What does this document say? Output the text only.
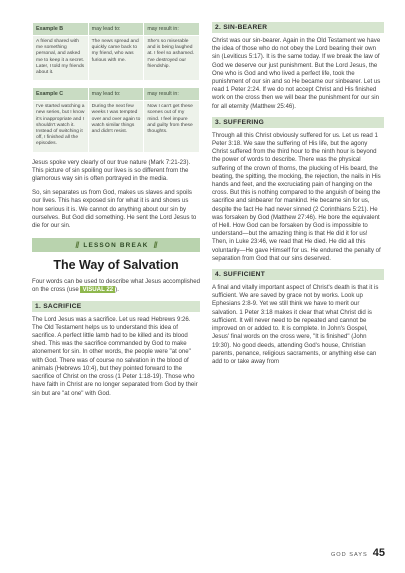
Example B	may lead to:	may result in:
A friend shared with me something personal, and asked me to keep it a secret. Later, I told my friends about it.	The news spread and quickly came back to my friend, who was furious with me.	She's so miserable and is being laughed at. I feel so ashamed. I've destroyed our friendship.
Example C	may lead to:	may result in:
I've started watching a new series, but I know it's inappropriate and I shouldn't watch it. Instead of switching it off, I finished all the episodes.	During the next few weeks I was tempted over and over again to watch similar things and didn't resist.	Now I can't get these scenes out of my mind. I feel impure and guilty from these thoughts.

Jesus spoke very clearly of our true nature (Mark 7:21-23). This picture of sin spoiling our lives is so different from the glamorous way sin is often portrayed in the media.

So, sin separates us from God, makes us slaves and spoils our lives. This has exposed sin for what it is and shows us how serious it is. We cannot do anything about our sin by ourselves. But God did something. He sent the Lord Jesus to die for our sin.

// LESSON BREAK //
The Way of Salvation

Four words can be used to describe what Jesus accomplished on the cross (use VISUAL 22 ).

1. SACRIFICE

The Lord Jesus was a sacrifice. Let us read Hebrews 9:26. The Old Testament helps us to understand this idea of sacrifice. A perfect little lamb had to be killed and its blood shed. This was the sacrifice commanded by God to make atonement for sin. In other words, the people were "at one" with God. There was of course no salvation in the blood of animals (Hebrews 10:4), but they pointed forward to the sacrifice of Christ on the cross (1 Peter 1:18-19). Those who have faith in Christ are no longer separated from God by their sin but are "at one" with God.

2. SIN-BEARER

Christ was our sin-bearer. Again in the Old Testament we have the idea of those who do not obey the Lord bearing their own sin (Leviticus 5:17). It is the same today. If we break the law of God we deserve our just punishment. But the Lord Jesus, the One who is God and who lived a perfect life, took the punishment of our sin and so He became our sinbearer. Let us read 1 Peter 2:24. If we do not accept Christ and His finished work on the cross then we will bear the punishment for our sin for all eternity (Matthew 25:46).

3. SUFFERING

Through all this Christ obviously suffered for us. Let us read 1 Peter 3:18. We saw the suffering of His life, but the agony Christ suffered from the third hour to the ninth hour is beyond the power of words to describe. There was the physical suffering of the crown of thorns, the plucking of His beard, the beating, the spitting, the mocking, the rejection, the nails in His hands and feet, and the excruciating pain of hanging on the cross. But this is nothing compared to the anguish of being the sacrifice and sinbearer for mankind. He became sin for us, despite the fact He had never sinned (2 Corinthians 5:21). He was forsaken by God (Matthew 27:46). He bore the equivalent of Hell. How God can be forsaken by God is impossible to understand—but the amazing thing is that He did it for us! Then, in Luke 23:46, we read that He died. He did all this voluntarily—He gave Himself for us. He endured the penalty of separation from God that our sins deserved.

4. SUFFICIENT

A final and vitally important aspect of Christ's death is that it is sufficient. We are saved by grace not by works. Look up Ephesians 2:8-9. Yet we still think we have to merit our salvation. 1 Peter 3:18 makes it clear that what Christ did is sufficient. It will never need to be repeated and cannot be improved on or added to. It is complete. In John's Gospel, Jesus' final words on the cross were, "It is finished" (John 19:30). No good deeds, attending God's house, Christian parents, penance, religious sacraments, or anything else can add to or take away from

GOD SAYS 45
